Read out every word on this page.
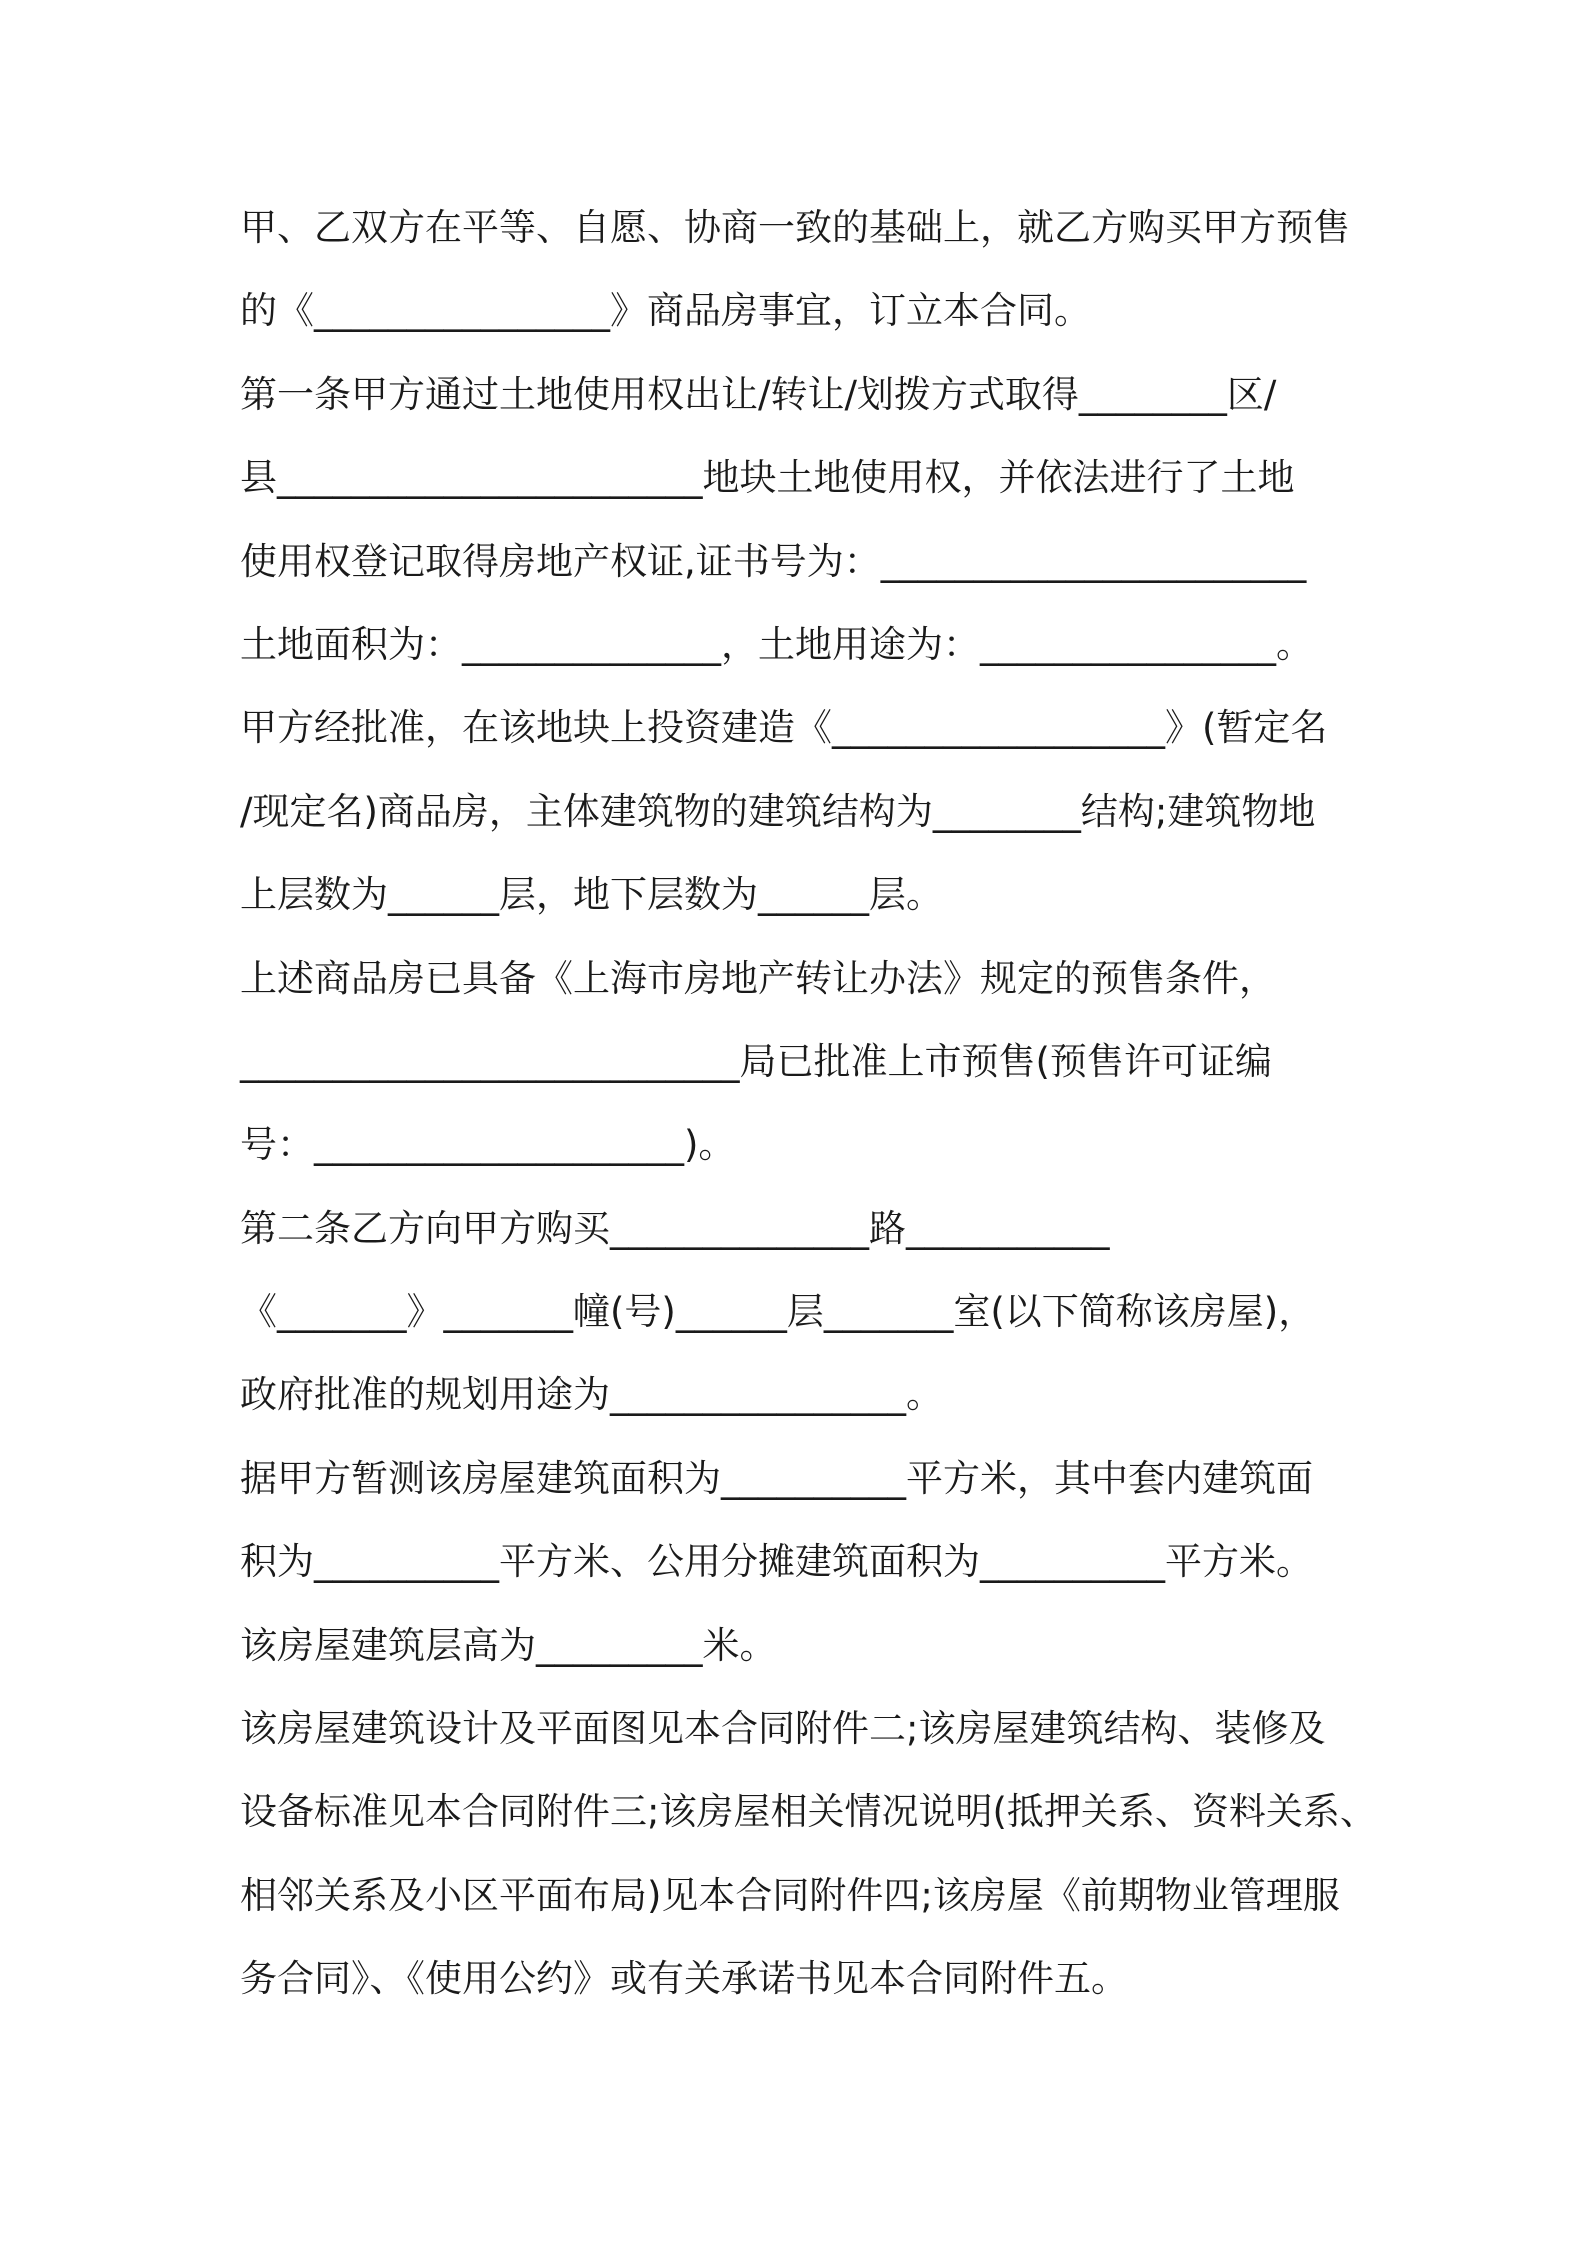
甲、乙双方在平等、自愿、协商一致的基础上，就乙方购买甲方预售
的《________________》商品房事宜，订立本合同。
第一条甲方通过土地使用权出让/转让/划拨方式取得________区/
县_______________________地块土地使用权，并依法进行了土地
使用权登记取得房地产权证,证书号为：_______________________
土地面积为：______________，土地用途为：________________。
甲方经批准，在该地块上投资建造《__________________》(暂定名
/现定名)商品房，主体建筑物的建筑结构为________结构;建筑物地
上层数为______层，地下层数为______层。
上述商品房已具备《上海市房地产转让办法》规定的预售条件，
___________________________局已批准上市预售(预售许可证编
号：____________________)。
第二条乙方向甲方购买______________路___________
《_______》_______幢(号)______层_______室(以下简称该房屋)，
政府批准的规划用途为________________。
据甲方暂测该房屋建筑面积为__________平方米，其中套内建筑面
积为__________平方米、公用分摊建筑面积为__________平方米。
该房屋建筑层高为_________米。
该房屋建筑设计及平面图见本合同附件二;该房屋建筑结构、装修及
设备标准见本合同附件三;该房屋相关情况说明(抵押关系、资料关系、
相邻关系及小区平面布局)见本合同附件四;该房屋《前期物业管理服
务合同》、《使用公约》或有关承诺书见本合同附件五。
